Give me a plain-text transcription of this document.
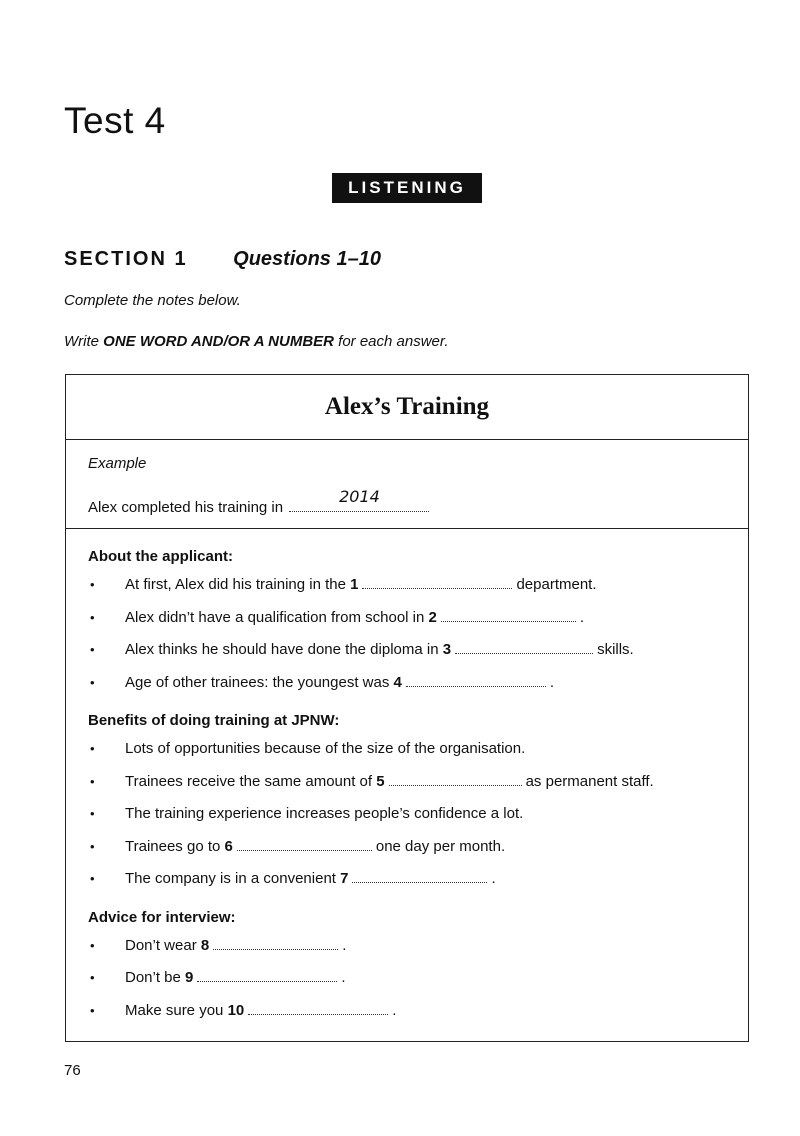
Test 4
LISTENING
SECTION 1 Questions 1–10
Complete the notes below.
Write ONE WORD AND/OR A NUMBER for each answer.
Alex’s Training
Example
Alex completed his training in
2014
About the applicant:
• At first, Alex did his training in the 1	department.
• Alex didn’t have a qualification from school in 2	.
• Alex thinks he should have done the diploma in 3	skills.
• Age of other trainees: the youngest was 4	.
Benefits of doing training at JPNW:
• Lots of opportunities because of the size of the organisation.
• Trainees receive the same amount of 5	as permanent staff.
• The training experience increases people’s confidence a lot.
• Trainees go to 6	one day per month.
• The company is in a convenient 7	.
Advice for interview:
• Don’t wear 8	.
• Don’t be 9	.
• Make sure you 10	.
76
